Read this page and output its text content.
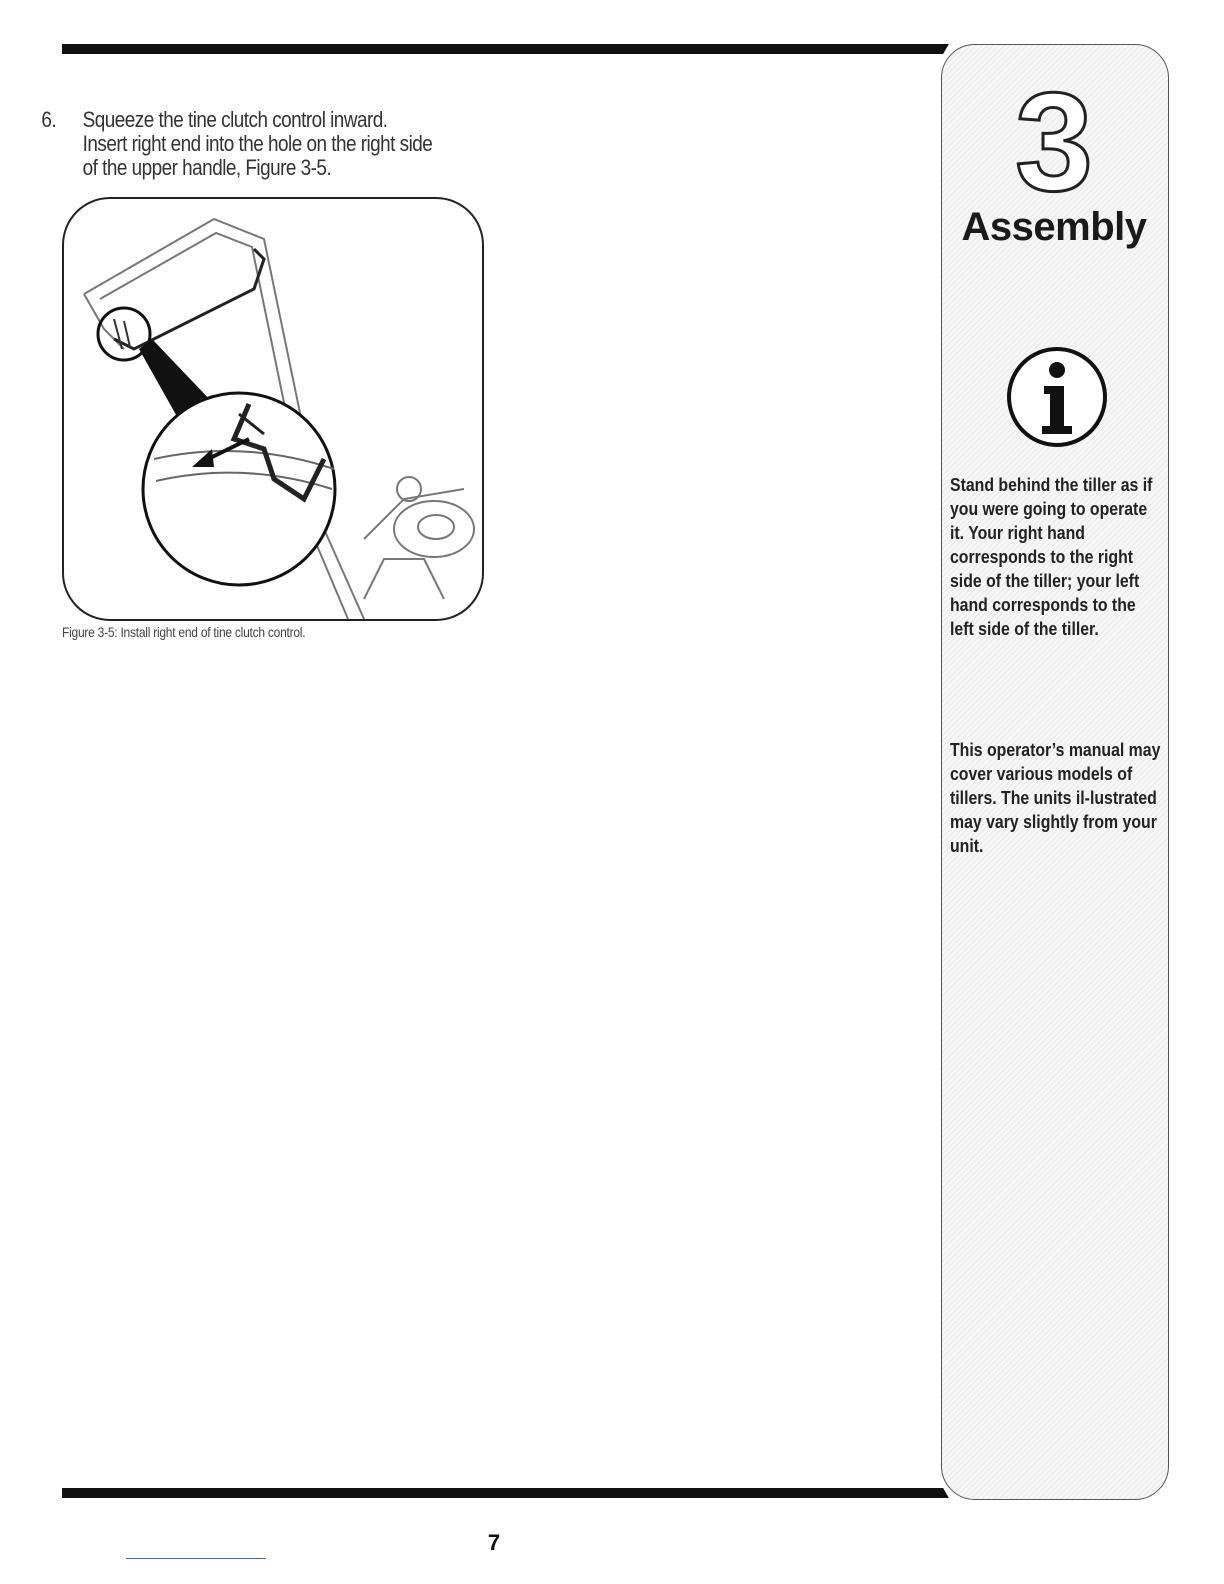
6. Squeeze the tine clutch control inward.
Insert right end into the hole on the right side
of the upper handle, Figure 3-5.
Figure 3-5: Install right end of tine clutch control.
3
Assembly
Stand behind the tiller as if you were going to operate it. Your right hand corresponds to the right side of the tiller; your left hand corresponds to the left side of the tiller.
This operator’s manual may cover various models of tillers. The units il-lustrated may vary slightly from your unit.
7
